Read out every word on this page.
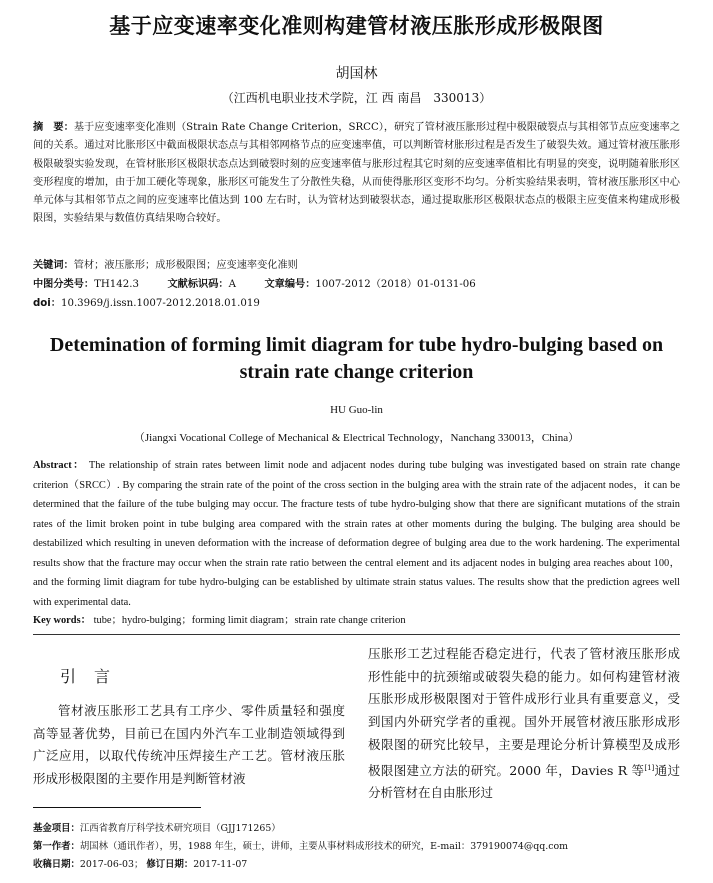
基于应变速率变化准则构建管材液压胀形成形极限图
胡国林
（江西机电职业技术学院，江 西 南昌　330013）
摘　要：基于应变速率变化准则（Strain Rate Change Criterion，SRCC），研究了管材液压胀形过程中极限破裂点与其相邻节点应变速率之间的关系。通过对比胀形区中截面极限状态点与其相邻网格节点的应变速率值，可以判断管材胀形过程是否发生了破裂失效。通过管材液压胀形极限破裂实验发现，在管材胀形区极限状态点达到破裂时刻的应变速率值与胀形过程其它时刻的应变速率值相比有明显的突变，说明随着胀形区变形程度的增加，由于加工硬化等现象，胀形区可能发生了分散性失稳，从而使得胀形区变形不均匀。分析实验结果表明，管材液压胀形区中心单元体与其相邻节点之间的应变速率比值达到 100 左右时，认为管材达到破裂状态，通过提取胀形区极限状态点的极限主应变值来构建成形极限图，实验结果与数值仿真结果吻合较好。
关键词：管材；液压胀形；成形极限图；应变速率变化准则
中图分类号：TH142.3	文献标识码：A	文章编号：1007-2012（2018）01-0131-06
doi：10.3969/j.issn.1007-2012.2018.01.019
Detemination of forming limit diagram for tube hydro-bulging based on strain rate change criterion
HU Guo-lin
（Jiangxi Vocational College of Mechanical & Electrical Technology，Nanchang 330013，China）
Abstract： The relationship of strain rates between limit node and adjacent nodes during tube bulging was investigated based on strain rate change criterion（SRCC）. By comparing the strain rate of the point of the cross section in the bulging area with the strain rate of the adjacent nodes，it can be determined that the failure of the tube bulging may occur. The fracture tests of tube hydro-bulging show that there are significant mutations of the strain rates of the limit broken point in tube bulging area compared with the strain rates at other moments during the bulging. The bulging area should be destabilized which resulting in uneven deformation with the increase of deformation degree of bulging area due to the work hardening. The experimental results show that the fracture may occur when the strain rate ratio between the central element and its adjacent nodes in bulging area reaches about 100，and the forming limit diagram for tube hydro-bulging can be established by ultimate strain status values. The results show that the prediction agrees well with experimental data.
Key words： tube；hydro-bulging；forming limit diagram；strain rate change criterion
引言
管材液压胀形工艺具有工序少、零件质量轻和强度高等显著优势，目前已在国内外汽车工业制造领域得到广泛应用，以取代传统冲压焊接生产工艺。管材液压胀形成形极限图的主要作用是判断管材液
压胀形工艺过程能否稳定进行，代表了管材液压胀形成形性能中的抗颈缩或破裂失稳的能力。如何构建管材液压胀形成形极限图对于管件成形行业具有重要意义，受到国内外研究学者的重视。国外开展管材液压胀形成形极限图的研究比较早，主要是理论分析计算模型及成形极限图建立方法的研究。2000 年，Davies R 等[1]通过分析管材在自由胀形过
基金项目：江西省教育厅科学技术研究项目（GJJ171265）
第一作者：胡国林（通讯作者），男，1988 年生，硕士，讲师，主要从事材料成形技术的研究，E-mail：379190074@qq.com
收稿日期：2017-06-03； 修订日期：2017-11-07
